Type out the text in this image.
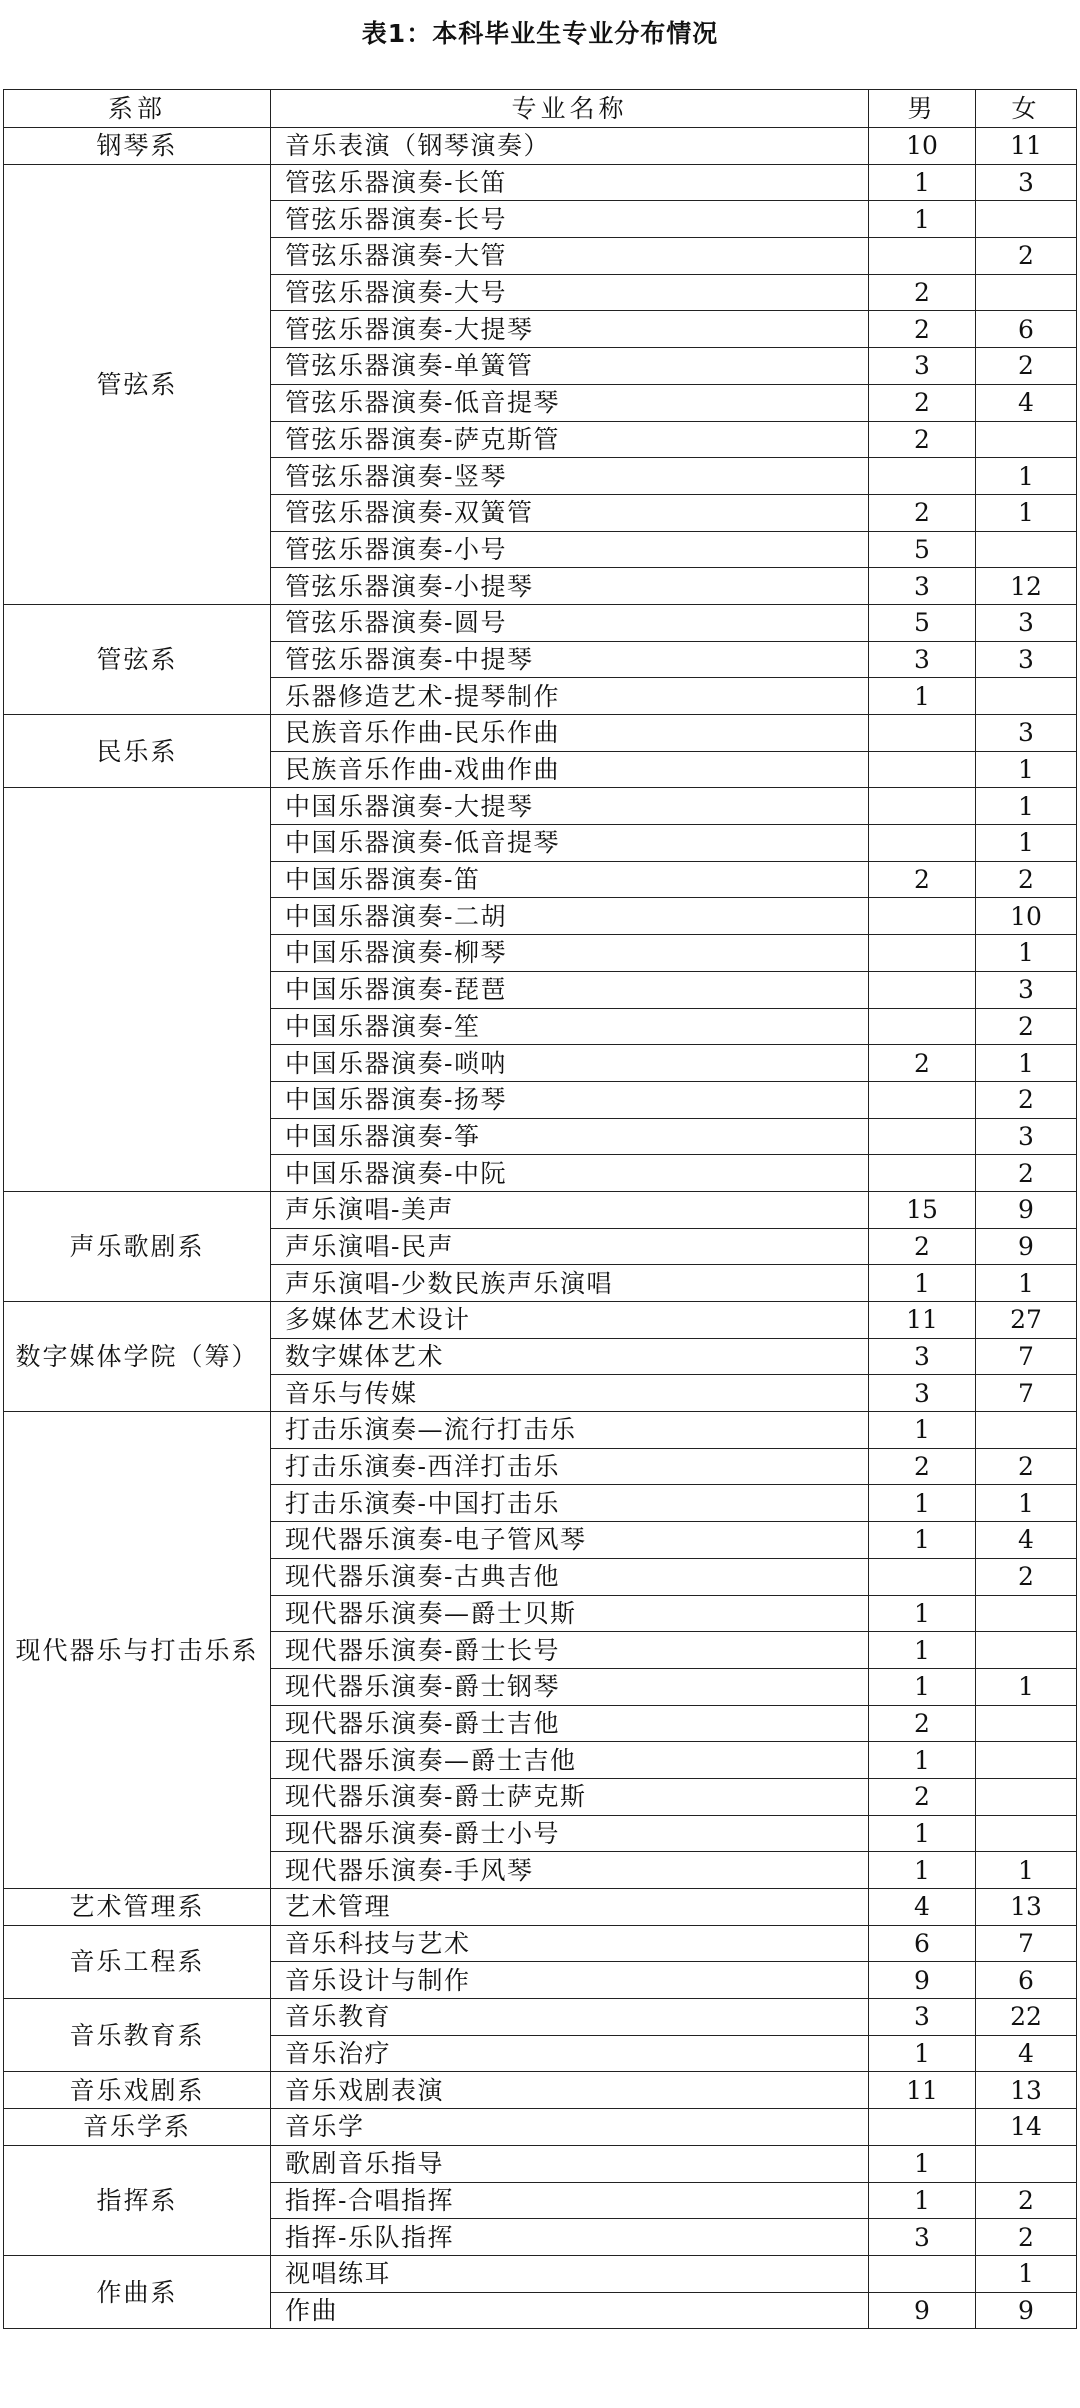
表1：本科毕业生专业分布情况
系部	专业名称	男	女
钢琴系	音乐表演（钢琴演奏）	10	11
管弦系	管弦乐器演奏-长笛	1	3
	管弦乐器演奏-长号	1	
	管弦乐器演奏-大管		2
	管弦乐器演奏-大号	2	
	管弦乐器演奏-大提琴	2	6
	管弦乐器演奏-单簧管	3	2
	管弦乐器演奏-低音提琴	2	4
	管弦乐器演奏-萨克斯管	2	
	管弦乐器演奏-竖琴		1
	管弦乐器演奏-双簧管	2	1
	管弦乐器演奏-小号	5	
	管弦乐器演奏-小提琴	3	12
管弦系	管弦乐器演奏-圆号	5	3
	管弦乐器演奏-中提琴	3	3
	乐器修造艺术-提琴制作	1	
民乐系	民族音乐作曲-民乐作曲		3
	民族音乐作曲-戏曲作曲		1
	中国乐器演奏-大提琴		1
	中国乐器演奏-低音提琴		1
	中国乐器演奏-笛	2	2
	中国乐器演奏-二胡		10
	中国乐器演奏-柳琴		1
	中国乐器演奏-琵琶		3
	中国乐器演奏-笙		2
	中国乐器演奏-唢呐	2	1
	中国乐器演奏-扬琴		2
	中国乐器演奏-筝		3
	中国乐器演奏-中阮		2
声乐歌剧系	声乐演唱-美声	15	9
	声乐演唱-民声	2	9
	声乐演唱-少数民族声乐演唱	1	1
数字媒体学院（筹）	多媒体艺术设计	11	27
	数字媒体艺术	3	7
	音乐与传媒	3	7
现代器乐与打击乐系	打击乐演奏—流行打击乐	1	
	打击乐演奏-西洋打击乐	2	2
	打击乐演奏-中国打击乐	1	1
	现代器乐演奏-电子管风琴	1	4
	现代器乐演奏-古典吉他		2
	现代器乐演奏—爵士贝斯	1	
	现代器乐演奏-爵士长号	1	
	现代器乐演奏-爵士钢琴	1	1
	现代器乐演奏-爵士吉他	2	
	现代器乐演奏—爵士吉他	1	
	现代器乐演奏-爵士萨克斯	2	
	现代器乐演奏-爵士小号	1	
	现代器乐演奏-手风琴	1	1
艺术管理系	艺术管理	4	13
音乐工程系	音乐科技与艺术	6	7
	音乐设计与制作	9	6
音乐教育系	音乐教育	3	22
	音乐治疗	1	4
音乐戏剧系	音乐戏剧表演	11	13
音乐学系	音乐学		14
指挥系	歌剧音乐指导	1	
	指挥-合唱指挥	1	2
	指挥-乐队指挥	3	2
作曲系	视唱练耳		1
	作曲	9	9
